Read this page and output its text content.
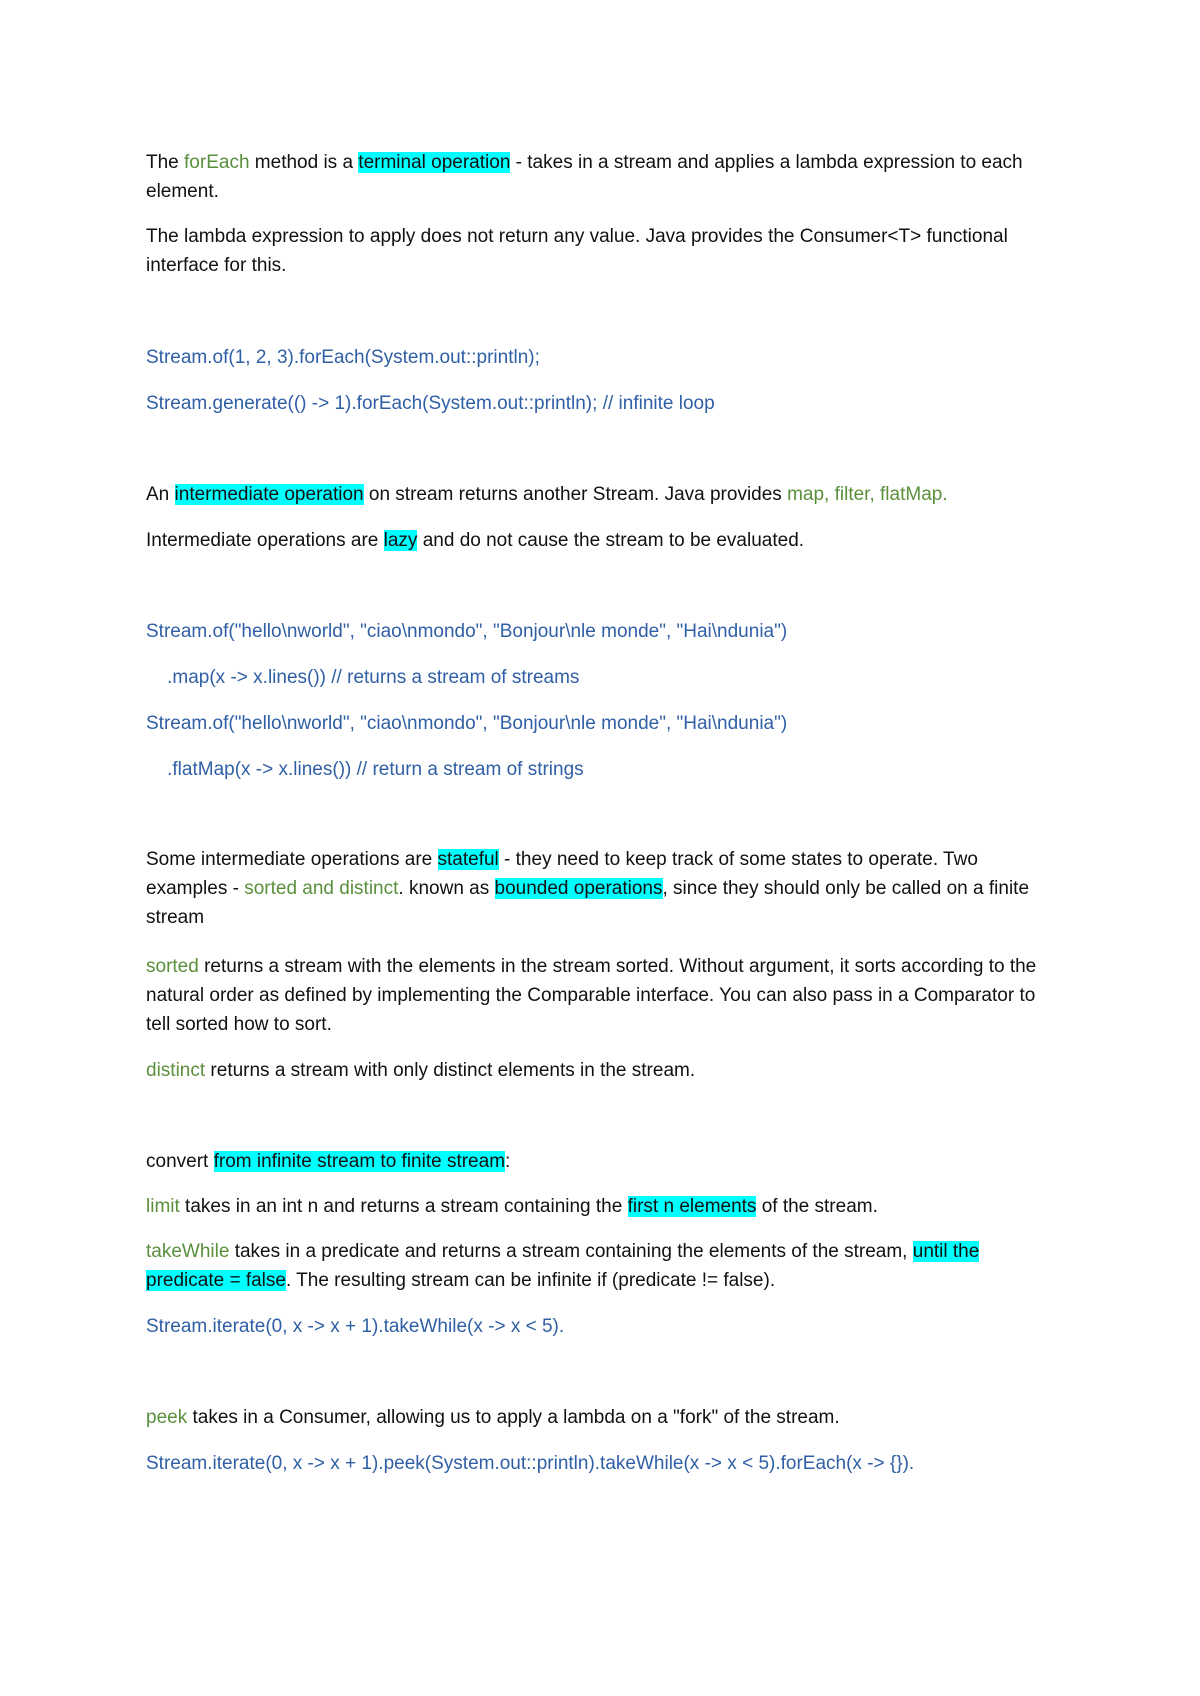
The forEach method is a terminal operation - takes in a stream and applies a lambda expression to each element.

The lambda expression to apply does not return any value. Java provides the Consumer<T> functional interface for this.

Stream.of(1, 2, 3).forEach(System.out::println);

Stream.generate(() -> 1).forEach(System.out::println); // infinite loop

An intermediate operation on stream returns another Stream. Java provides map, filter, flatMap.

Intermediate operations are lazy and do not cause the stream to be evaluated.

Stream.of("hello\nworld", "ciao\nmondo", "Bonjour\nle monde", "Hai\ndunia")

.map(x -> x.lines()) // returns a stream of streams

Stream.of("hello\nworld", "ciao\nmondo", "Bonjour\nle monde", "Hai\ndunia")

.flatMap(x -> x.lines()) // return a stream of strings

Some intermediate operations are stateful - they need to keep track of some states to operate. Two examples - sorted and distinct. known as bounded operations, since they should only be called on a finite stream

sorted returns a stream with the elements in the stream sorted. Without argument, it sorts according to the natural order as defined by implementing the Comparable interface. You can also pass in a Comparator to tell sorted how to sort.

distinct returns a stream with only distinct elements in the stream.

convert from infinite stream to finite stream:

limit takes in an int n and returns a stream containing the first n elements of the stream.

takeWhile takes in a predicate and returns a stream containing the elements of the stream, until the predicate = false. The resulting stream can be infinite if (predicate != false).

Stream.iterate(0, x -> x + 1).takeWhile(x -> x < 5).

peek takes in a Consumer, allowing us to apply a lambda on a "fork" of the stream.

Stream.iterate(0, x -> x + 1).peek(System.out::println).takeWhile(x -> x < 5).forEach(x -> {}).
